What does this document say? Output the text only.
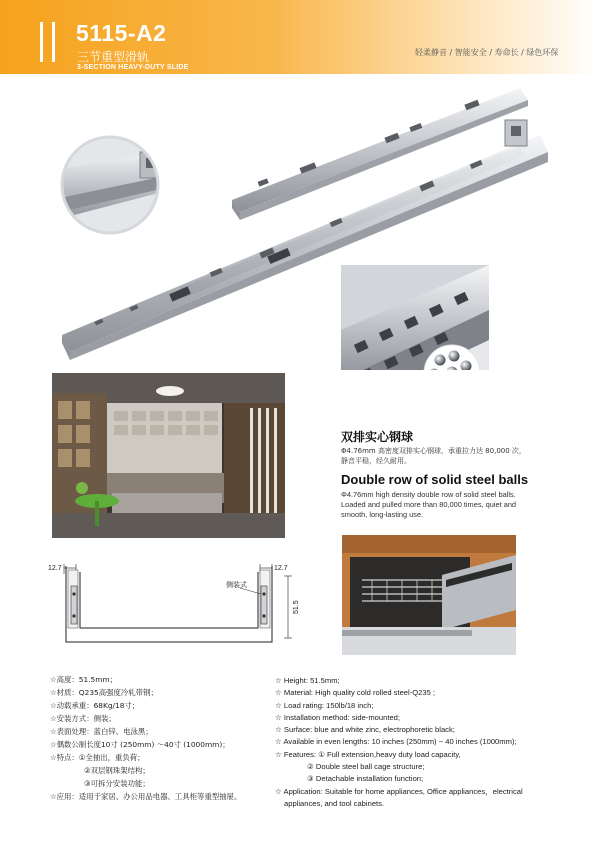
5115-A2
三节重型滑轨
3-SECTION HEAVY-DUTY SLIDE
轻柔静音 / 智能安全 / 寿命长 / 绿色环保
双排实心钢球
Φ4.76mm 高密度双排实心钢球，承重拉力达 80,000 次，静音平稳，经久耐用。
Double row of solid steel balls
Φ4.76mm high density double row of solid steel balls. Loaded and pulled more than 80,000 times, quiet and smooth, long-lasting use.
12.7	12.7
51.5
侧装式
☆高度：51.5mm；
☆材质：Q235高强度冷轧带钢；
☆动载承重：68Kg/18寸；
☆安装方式：侧装；
☆表面处理：蓝白锌、电泳黑；
☆偶数公制长度10寸 (250mm) 〜40寸 (1000mm)；
☆特点：①全抽出，重负荷；
②双层钢珠架结构；
③可拆分安装功能；
☆应用：适用于家居、办公用品电器、工具柜等重型抽屉。
☆ Height: 51.5mm;
☆ Material: High quality cold rolled steel-Q235 ;
☆ Load rating: 150lb/18 inch;
☆ Installation method: side-mounted;
☆ Surface: blue and white zinc, electrophoretic black;
☆ Available in even lengths: 10 inches (250mm) ~ 40 inches (1000mm);
☆ Features: ① Full extension,heavy duty load capacity,
② Double steel ball cage structure;
③ Detachable installation function;
☆ Application: Suitable for home appliances, Office appliances，electrical
appliances, and tool cabinets.
